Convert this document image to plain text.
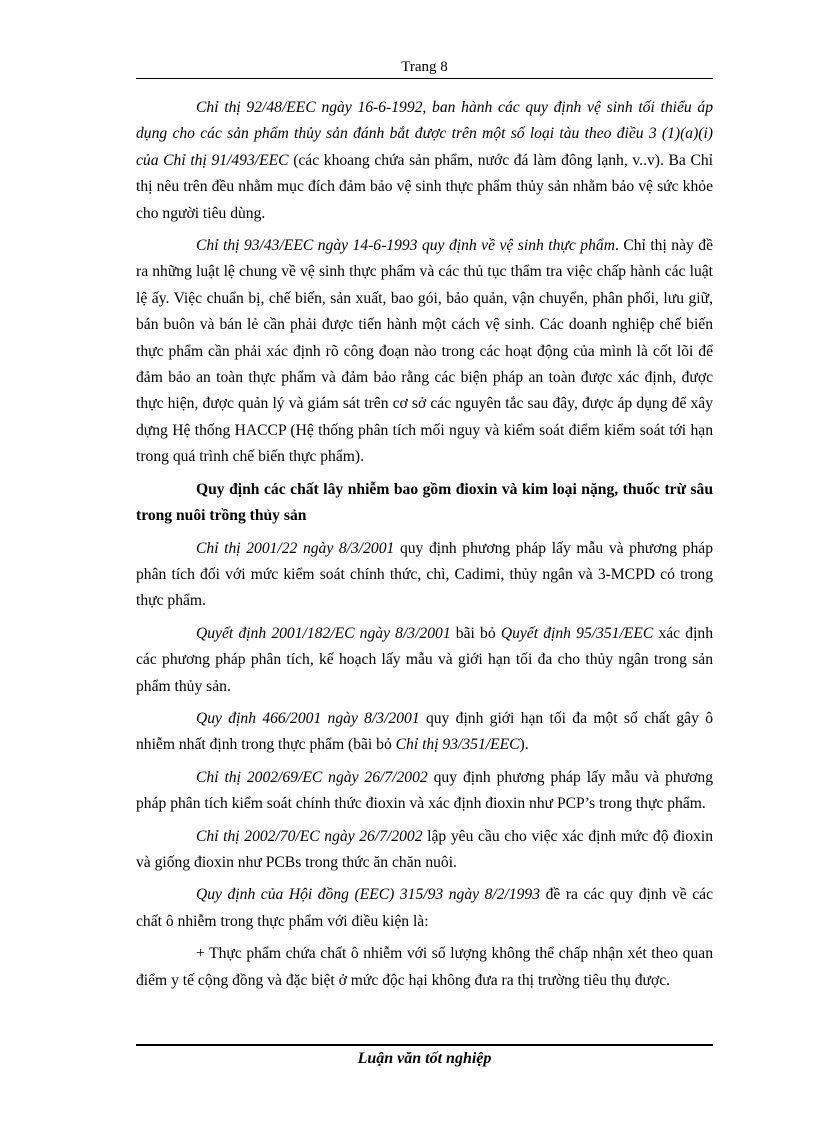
Trang 8

Chỉ thị 92/48/EEC ngày 16-6-1992, ban hành các quy định vệ sinh tối thiểu áp dụng cho các sản phẩm thủy sản đánh bắt được trên một số loại tàu theo điều 3 (1)(a)(i) của Chỉ thị 91/493/EEC (các khoang chứa sản phẩm, nước đá làm đông lạnh, v..v). Ba Chỉ thị nêu trên đều nhằm mục đích đảm bảo vệ sinh thực phẩm thủy sản nhằm bảo vệ sức khỏe cho người tiêu dùng.

Chỉ thị 93/43/EEC ngày 14-6-1993 quy định về vệ sinh thực phẩm. Chỉ thị này đề ra những luật lệ chung về vệ sinh thực phẩm và các thủ tục thẩm tra việc chấp hành các luật lệ ấy. Việc chuẩn bị, chế biến, sản xuất, bao gói, bảo quản, vận chuyển, phân phối, lưu giữ, bán buôn và bán lẻ cần phải được tiến hành một cách vệ sinh. Các doanh nghiệp chế biến thực phẩm cần phải xác định rõ công đoạn nào trong các hoạt động của mình là cốt lõi để đảm bảo an toàn thực phẩm và đảm bảo rằng các biện pháp an toàn được xác định, được thực hiện, được quản lý và giám sát trên cơ sở các nguyên tắc sau đây, được áp dụng để xây dựng Hệ thống HACCP (Hệ thống phân tích mối nguy và kiểm soát điểm kiểm soát tới hạn trong quá trình chế biến thực phẩm).

Quy định các chất lây nhiễm bao gồm đioxin và kim loại nặng, thuốc trừ sâu trong nuôi trồng thủy sản

Chỉ thị 2001/22 ngày 8/3/2001 quy định phương pháp lấy mẫu và phương pháp phân tích đối với mức kiểm soát chính thức, chì, Cadimi, thủy ngân và 3-MCPD có trong thực phẩm.

Quyết định 2001/182/EC ngày 8/3/2001 bãi bỏ Quyết định 95/351/EEC xác định các phương pháp phân tích, kế hoạch lấy mẫu và giới hạn tối đa cho thủy ngân trong sản phẩm thủy sản.

Quy định 466/2001 ngày 8/3/2001 quy định giới hạn tối đa một số chất gây ô nhiễm nhất định trong thực phẩm (bãi bỏ Chỉ thị 93/351/EEC).

Chỉ thị 2002/69/EC ngày 26/7/2002 quy định phương pháp lấy mẫu và phương pháp phân tích kiểm soát chính thức đioxin và xác định đioxin như PCP’s trong thực phẩm.

Chỉ thị 2002/70/EC ngày 26/7/2002 lập yêu cầu cho việc xác định mức độ đioxin và giống đioxin như PCBs trong thức ăn chăn nuôi.

Quy định của Hội đồng (EEC) 315/93 ngày 8/2/1993 đề ra các quy định về các chất ô nhiễm trong thực phẩm với điều kiện là:

+ Thực phẩm chứa chất ô nhiễm với số lượng không thể chấp nhận xét theo quan điểm y tế cộng đồng và đặc biệt ở mức độc hại không đưa ra thị trường tiêu thụ được.

Luận văn tốt nghiệp
